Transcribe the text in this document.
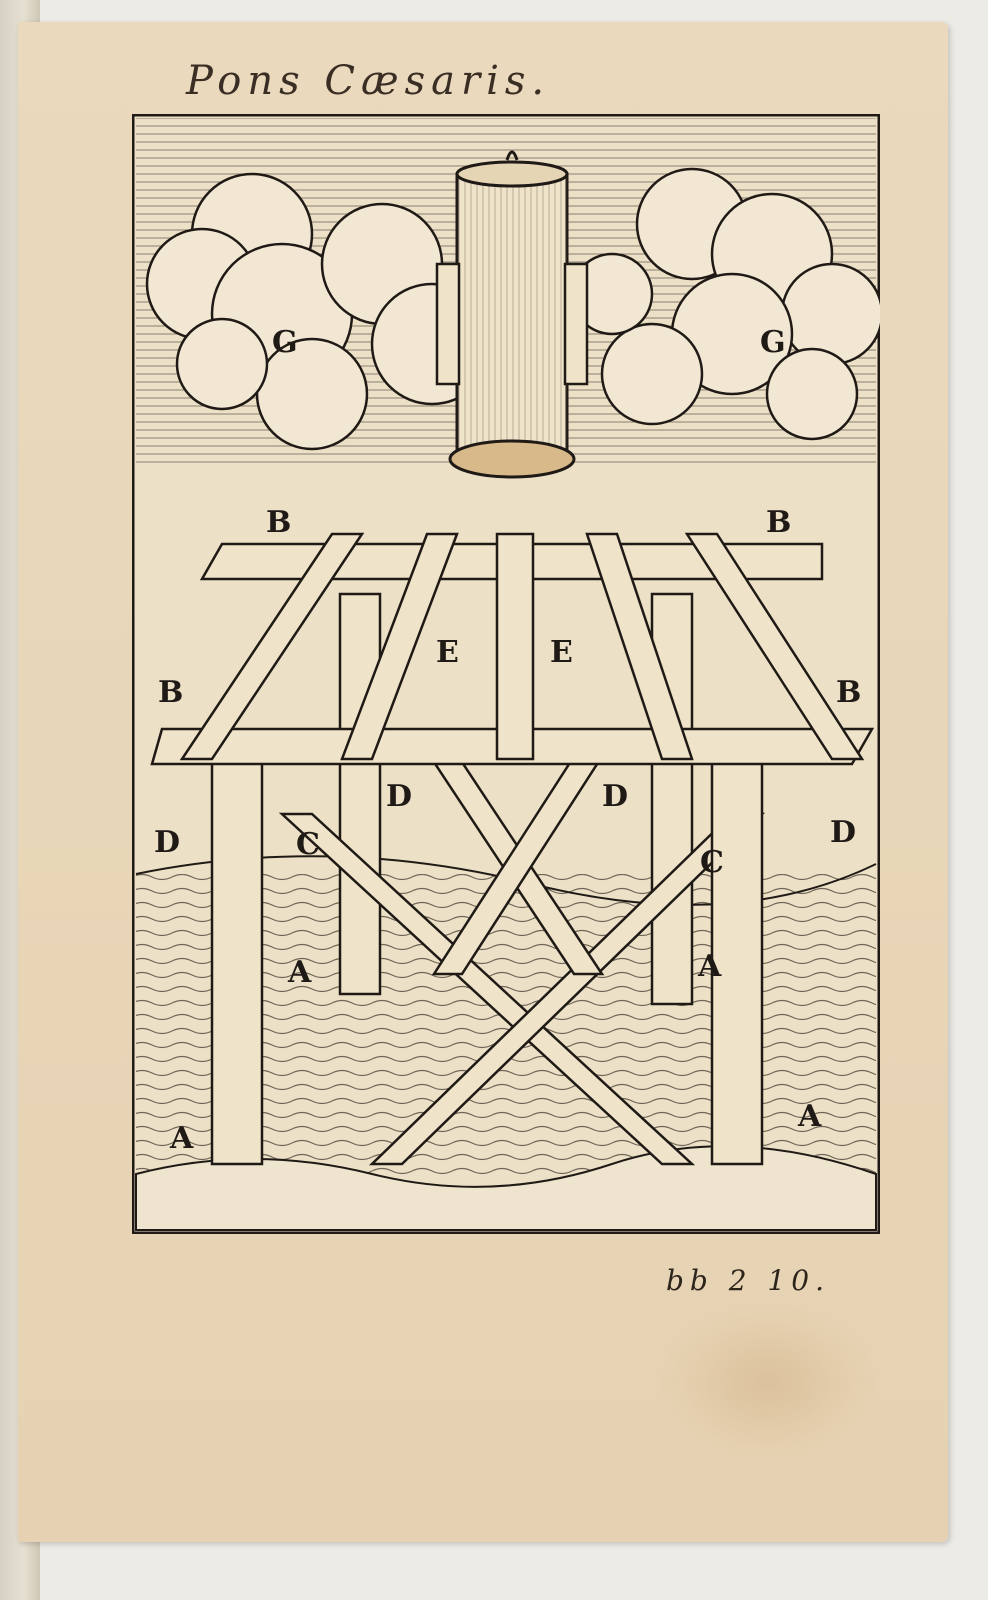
Pons Cæsaris.
G	G
B	B
B	B
E	E
D
D	D
D
C
C
A	A
A
A
bb 2 10.
